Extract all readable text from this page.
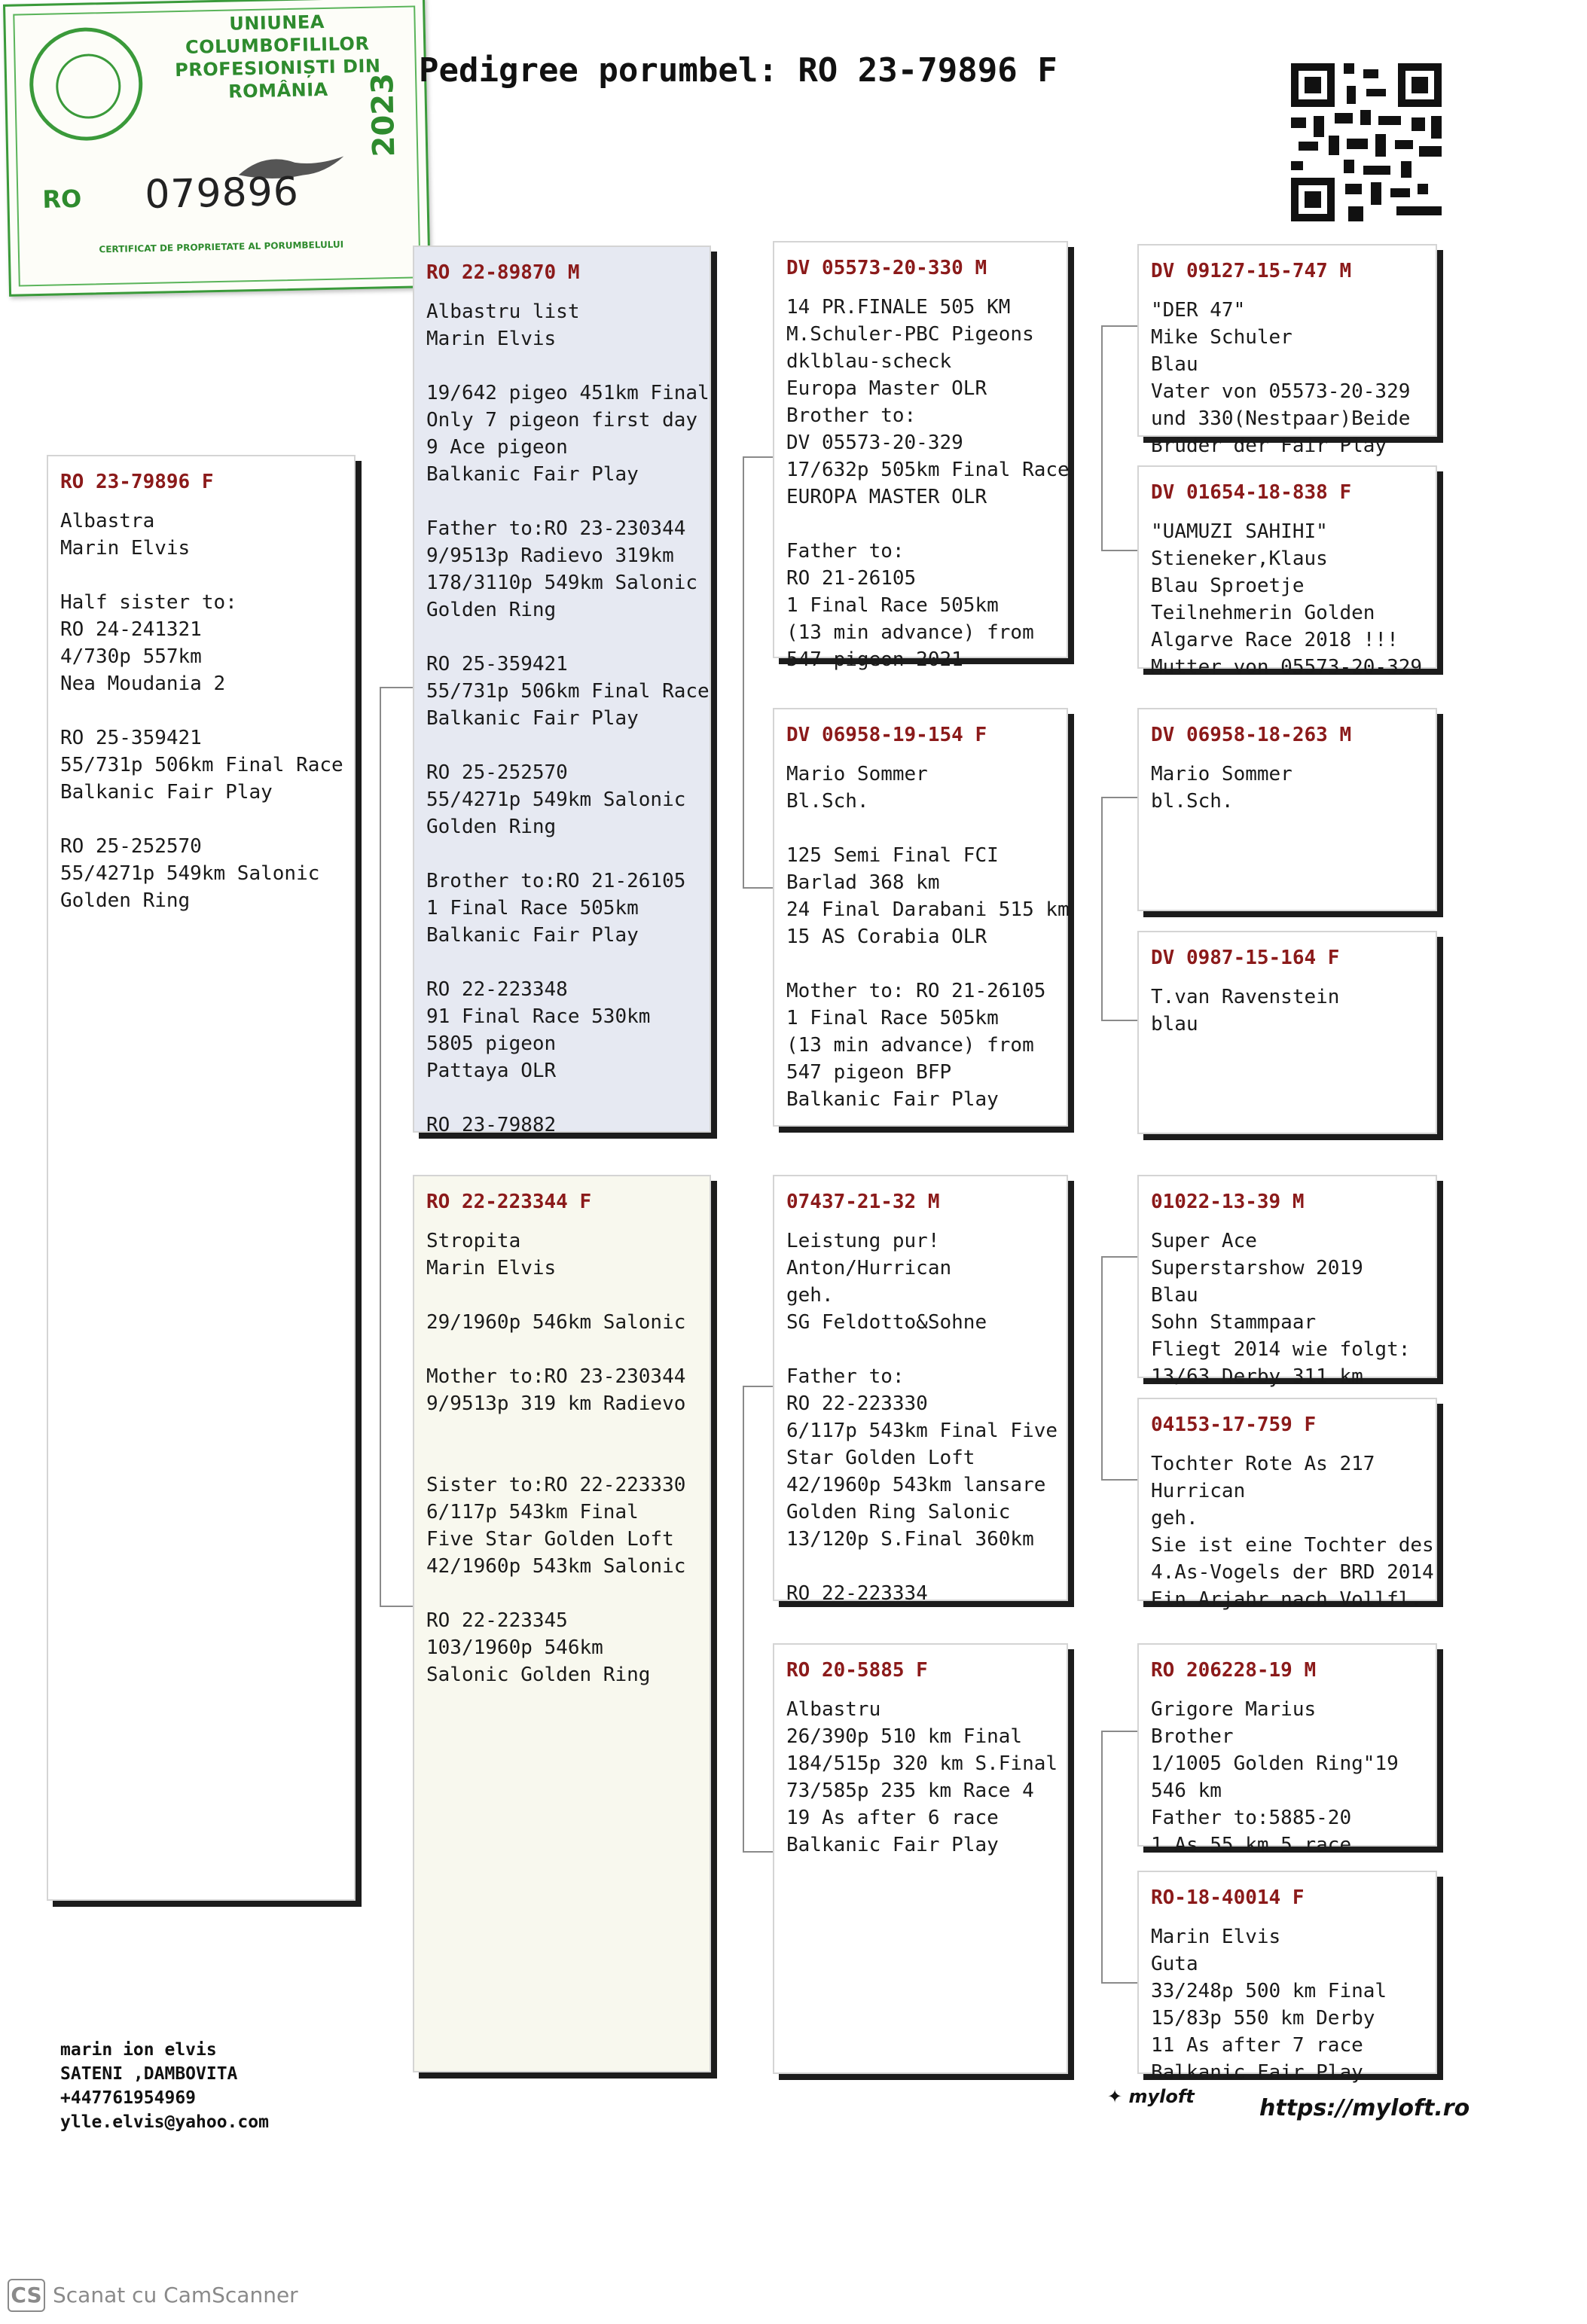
UNIUNEA COLUMBOFILILOR PROFESIONIȘTI DIN ROMÂNIA
RO 079896
2023
CERTIFICAT DE PROPRIETATE AL PORUMBELULUI
Pedigree porumbel: RO 23-79896 F
RO 23-79896 F
Albastra
Marin Elvis
Half sister to:
RO 24-241321
4/730p 557km
Nea Moudania 2
RO 25-359421
55/731p 506km Final Race
Balkanic Fair Play
RO 25-252570
55/4271p 549km Salonic
Golden Ring
RO 22-89870 M
Albastru list
Marin Elvis
19/642 pigeo 451km Final
Only 7 pigeon first day
9 Ace pigeon
Balkanic Fair Play
Father to:RO 23-230344
9/9513p Radievo 319km
178/3110p 549km Salonic
Golden Ring
RO 25-359421
55/731p 506km Final Race
Balkanic Fair Play
RO 25-252570
55/4271p 549km Salonic
Golden Ring
Brother to:RO 21-26105
1 Final Race 505km
Balkanic Fair Play
RO 22-223348
91 Final Race 530km
5805 pigeon
Pattaya OLR
RO 23-79882
RO 22-223344 F
Stropita
Marin Elvis
29/1960p 546km Salonic
Mother to:RO 23-230344
9/9513p 319 km Radievo
Sister to:RO 22-223330
6/117p 543km Final
Five Star Golden Loft
42/1960p 543km Salonic
RO 22-223345
103/1960p 546km
Salonic Golden Ring
DV 05573-20-330 M
14 PR.FINALE 505 KM
M.Schuler-PBC Pigeons
dklblau-scheck
Europa Master OLR
Brother to:
DV 05573-20-329
17/632p 505km Final Race
EUROPA MASTER OLR
Father to:
RO 21-26105
1 Final Race 505km
(13 min advance) from
547 pigeon 2021
DV 06958-19-154 F
Mario Sommer
Bl.Sch.
125 Semi Final FCI
Barlad 368 km
24 Final Darabani 515 km
15 AS Corabia OLR
Mother to: RO 21-26105
1 Final Race 505km
(13 min advance) from
547 pigeon BFP
Balkanic Fair Play
07437-21-32 M
Leistung pur!
Anton/Hurrican
geh.
SG Feldotto&Sohne
Father to:
RO 22-223330
6/117p 543km Final Five
Star Golden Loft
42/1960p 543km lansare
Golden Ring Salonic
13/120p S.Final 360km
RO 22-223334
RO 20-5885 F
Albastru
26/390p 510 km Final
184/515p 320 km S.Final
73/585p 235 km Race 4
19 As after 6 race
Balkanic Fair Play
DV 09127-15-747 M
"DER 47"
Mike Schuler
Blau
Vater von 05573-20-329
und 330(Nestpaar)Beide
Brüder der Fair Play
DV 01654-18-838 F
"UAMUZI SAHIHI"
Stieneker,Klaus
Blau Sproetje
Teilnehmerin Golden
Algarve Race 2018 !!!
Mutter von 05573-20-329
DV 06958-18-263 M
Mario Sommer
bl.Sch.
DV 0987-15-164 F
T.van Ravenstein
blau
01022-13-39 M
Super Ace
Superstarshow 2019
Blau
Sohn Stammpaar
Fliegt 2014 wie folgt:
13/63 Derby 311 km
04153-17-759 F
Tochter Rote As 217
Hurrican
geh.
Sie ist eine Tochter des
4.As-Vogels der BRD 2014
Ein Arjahr nach Vollfl.
RO 206228-19 M
Grigore Marius
Brother
1/1005 Golden Ring"19
546 km
Father to:5885-20
1 As 55 km 5 race
RO-18-40014 F
Marin Elvis
Guta
33/248p 500 km Final
15/83p 550 km Derby
11 As after 7 race
Balkanic Fair Play
marin ion elvis
SATENI ,DAMBOVITA
+447761954969
ylle.elvis@yahoo.com
✦ myloft	https://myloft.ro
CS Scanat cu CamScanner
